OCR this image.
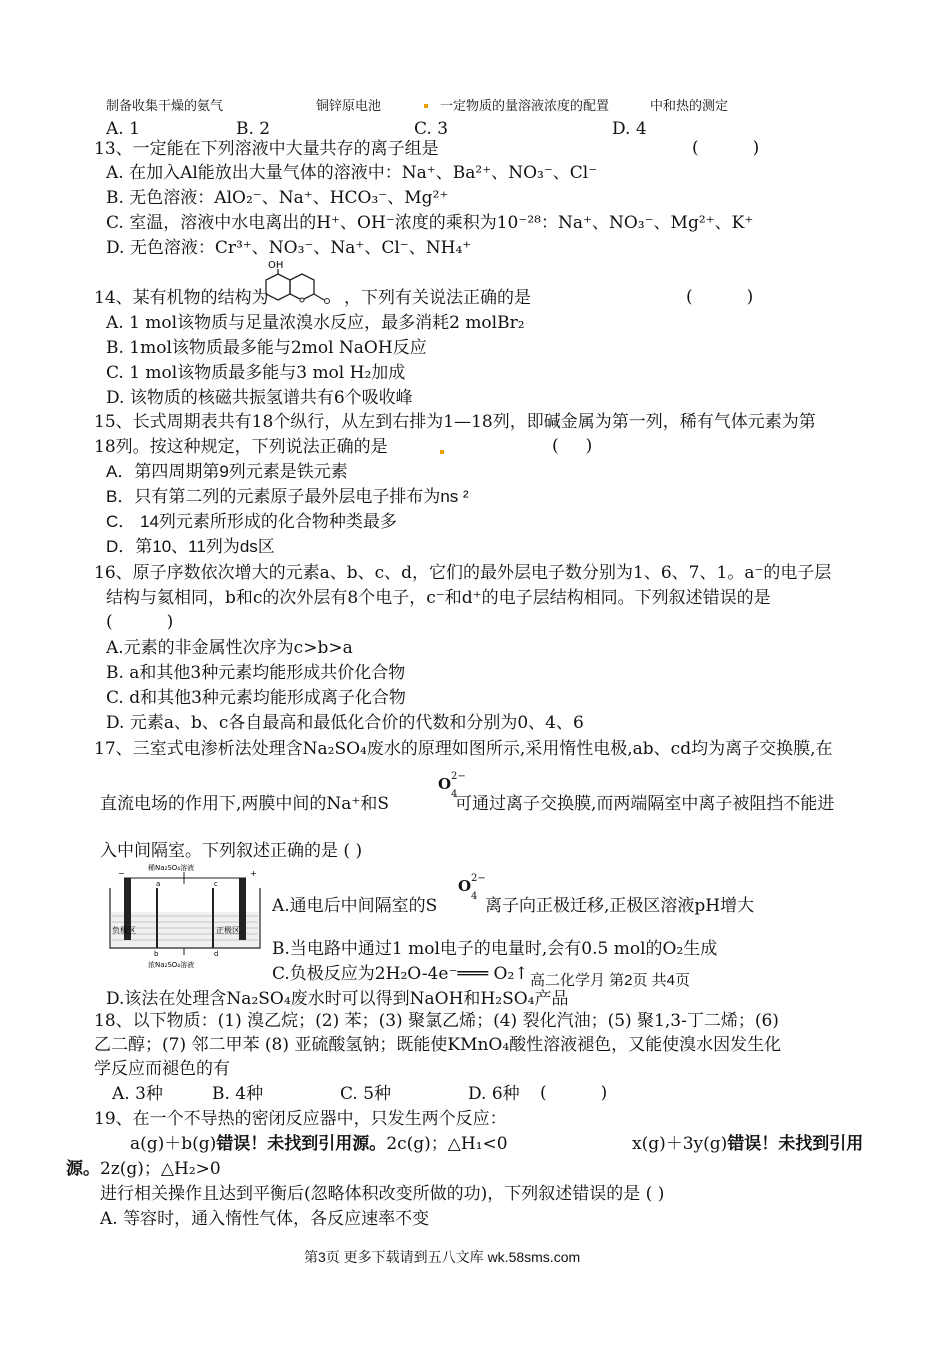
制备收集干燥的氨气	铜锌原电池	一定物质的量溶液浓度的配置	中和热的测定
A. 1	B. 2	C. 3	D. 4
13、一定能在下列溶液中大量共存的离子组是	(          )
A. 在加入Al能放出大量气体的溶液中：Na⁺、Ba²⁺、NO₃⁻、Cl⁻
B. 无色溶液：AlO₂⁻、Na⁺、HCO₃⁻、Mg²⁺
C. 室温，溶液中水电离出的H⁺、OH⁻浓度的乘积为10⁻²⁸：Na⁺、NO₃⁻、Mg²⁺、K⁺
D. 无色溶液：Cr³⁺、NO₃⁻、Na⁺、Cl⁻、NH₄⁺
14、某有机物的结构为
OH
，下列有关说法正确的是	(          )
A. 1 mol该物质与足量浓溴水反应，最多消耗2 molBr₂
B. 1mol该物质最多能与2mol NaOH反应
C. 1 mol该物质最多能与3 mol H₂加成
D. 该物质的核磁共振氢谱共有6个吸收峰
15、长式周期表共有18个纵行，从左到右排为1—18列，即碱金属为第一列，稀有气体元素为第
18列。按这种规定，下列说法正确的是	(     )
A．第四周期第9列元素是铁元素
B．只有第二列的元素原子最外层电子排布为ns ²
C． 14列元素所形成的化合物种类最多
D．第10、11列为ds区
16、原子序数依次增大的元素a、b、c、d，它们的最外层电子数分别为1、6、7、1。a⁻的电子层
结构与氦相同，b和c的次外层有8个电子，c⁻和d⁺的电子层结构相同。下列叙述错误的是
(          )
A.元素的非金属性次序为c>b>a
B. a和其他3种元素均能形成共价化合物
C. d和其他3种元素均能形成离子化合物
D. 元素a、b、c各自最高和最低化合价的代数和分别为0、4、6
17、三室式电渗析法处理含Na₂SO₄废水的原理如图所示,采用惰性电极,ab、cd均为离子交换膜,在
直流电场的作用下,两膜中间的Na⁺和S
O 2−
4
可通过离子交换膜,而两端隔室中离子被阻挡不能进
入中间隔室。下列叙述正确的是 ( )
稀Na₂SO₄溶液
−	+
a	c
负极区	正极区
b	d
浓Na₂SO₄溶液
A.通电后中间隔室的S
O 2−
4 离子向正极迁移,正极区溶液pH增大
B.当电路中通过1 mol电子的电量时,会有0.5 mol的O₂生成
C.负极反应为2H₂O-4e⁻═══ O₂↑ 高二化学月 第2页 共4页
D.该法在处理含Na₂SO₄废水时可以得到NaOH和H₂SO₄产品
18、以下物质：(1) 溴乙烷；(2) 苯；(3) 聚氯乙烯；(4) 裂化汽油；(5) 聚1,3-丁二烯；(6)
乙二醇；(7) 邻二甲苯 (8) 亚硫酸氢钠；既能使KMnO₄酸性溶液褪色，又能使溴水因发生化
学反应而褪色的有
(          )
A. 3种	B. 4种	C. 5种	D. 6种
19、在一个不导热的密闭反应器中，只发生两个反应：
a(g)＋b(g)错误！未找到引用源。2c(g)；△H₁<0	x(g)＋3y(g)错误！未找到引用
源。2z(g)；△H₂>0
进行相关操作且达到平衡后(忽略体积改变所做的功)，下列叙述错误的是 ( )
A. 等容时，通入惰性气体，各反应速率不变
第3页 更多下载请到五八文库 wk.58sms.com
